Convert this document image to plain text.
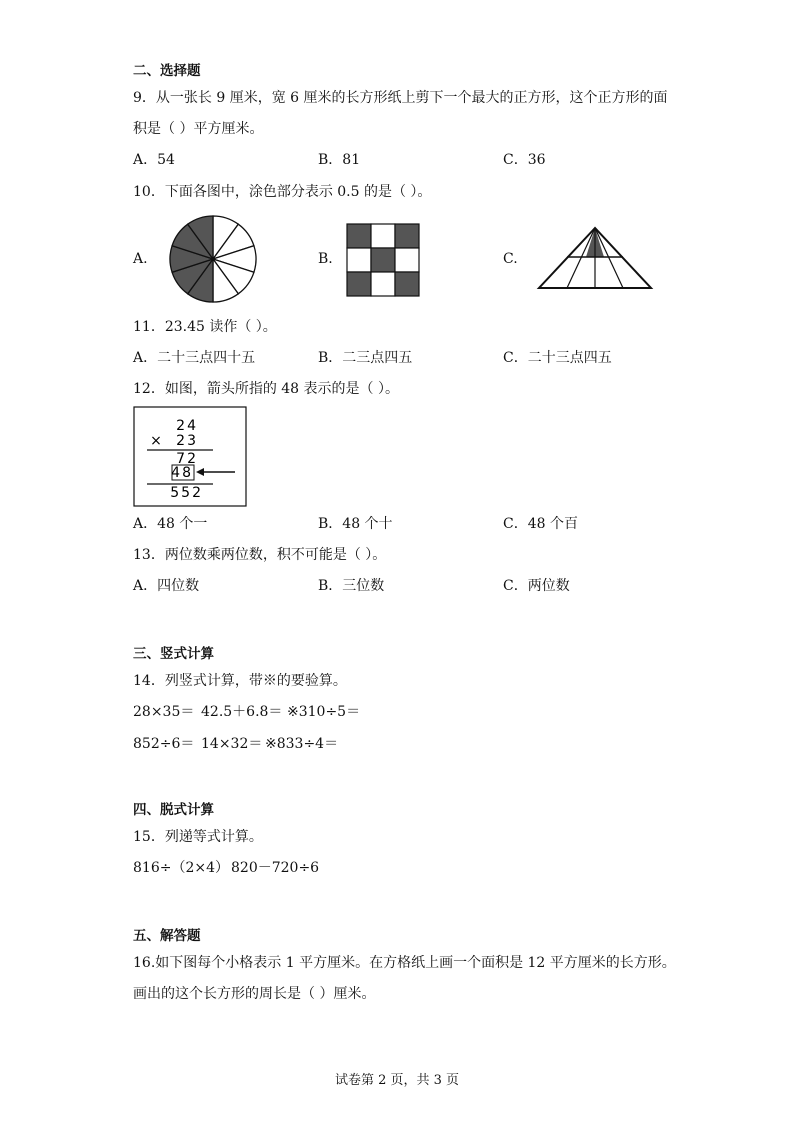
二、选择题
9．从一张长 9 厘米，宽 6 厘米的长方形纸上剪下一个最大的正方形，这个正方形的面
积是（ ）平方厘米。
A．54	B．81	C．36
10．下面各图中，涂色部分表示 0.5 的是（ ）。
A.	B.	C.
11．23.45 读作（ ）。
A．二十三点四十五	B．二三点四五	C．二十三点四五
12．如图，箭头所指的 48 表示的是（ ）。
24
× 23
72
48
552
A．48 个一	B．48 个十	C．48 个百
13．两位数乘两位数，积不可能是（ ）。
A．四位数	B．三位数	C．两位数
三、竖式计算
14．列竖式计算，带※的要验算。
28×35＝ 42.5＋6.8＝ ※310÷5＝
852÷6＝ 14×32＝ ※833÷4＝
四、脱式计算
15．列递等式计算。
816÷（2×4） 820－720÷6
五、解答题
16.如下图每个小格表示 1 平方厘米。在方格纸上画一个面积是 12 平方厘米的长方形。
画出的这个长方形的周长是（ ）厘米。
试卷第 2 页，共 3 页
